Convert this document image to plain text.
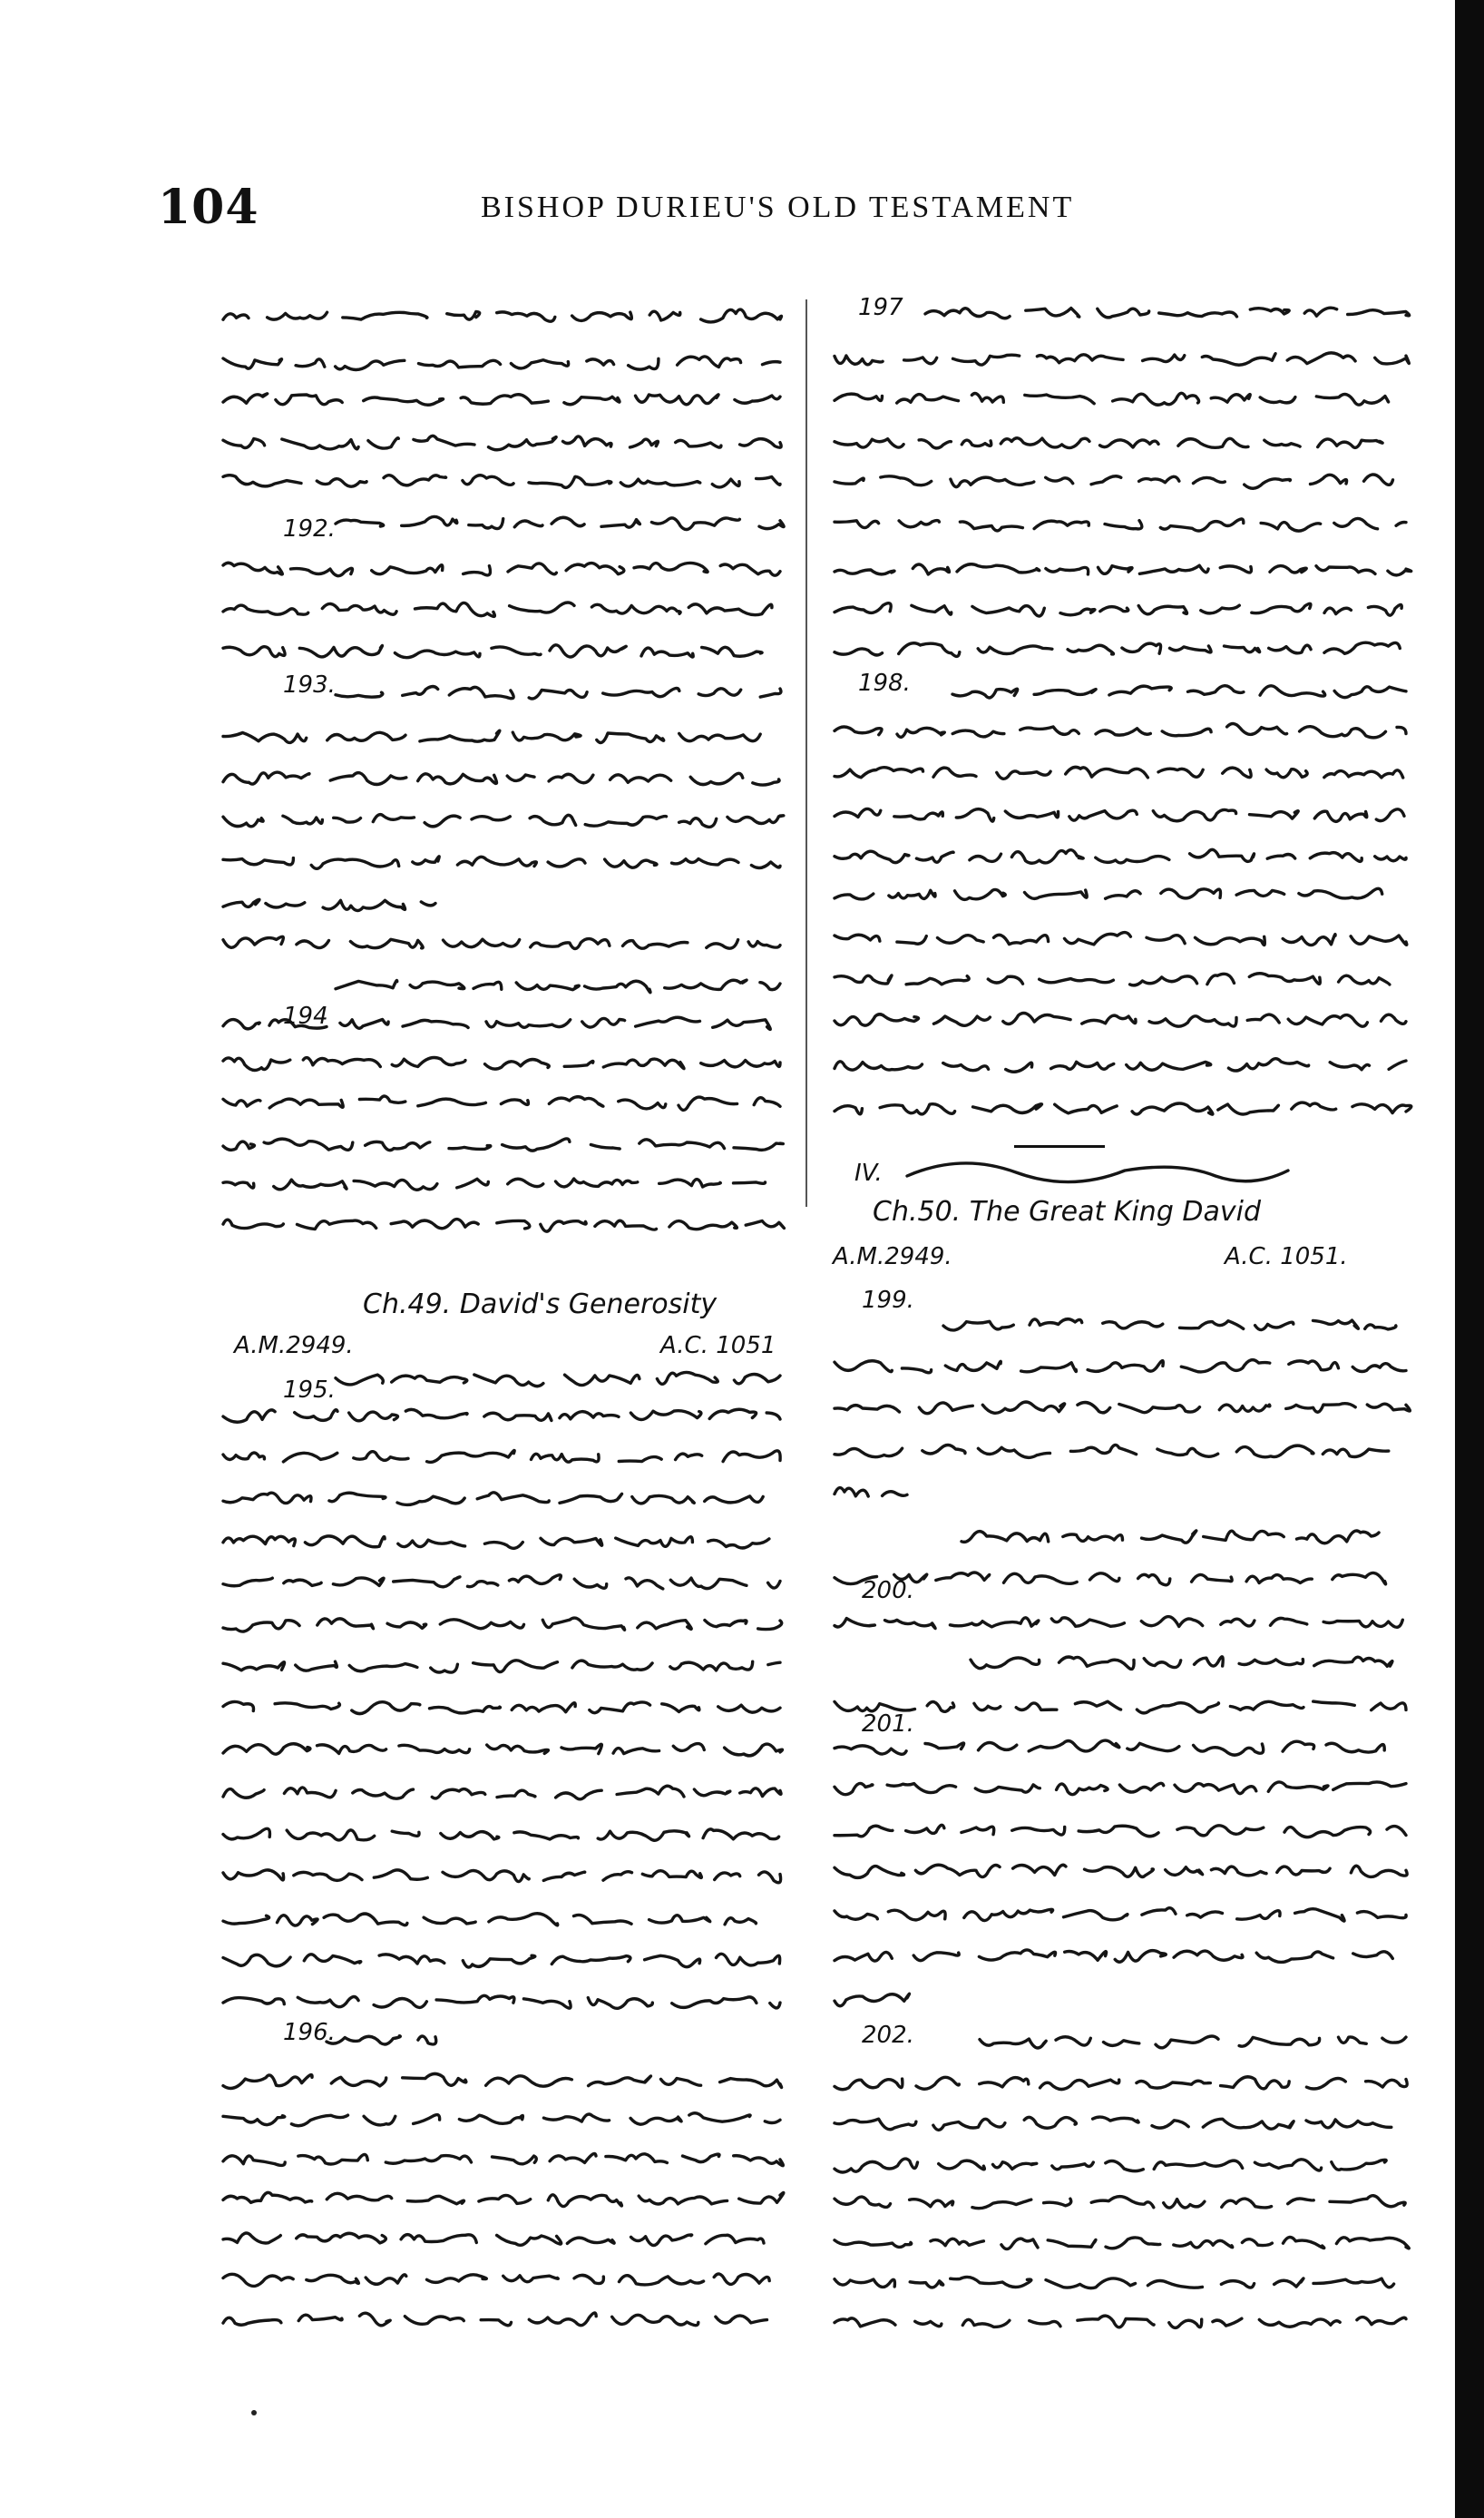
104	BISHOP DURIEU'S OLD TESTAMENT
192.
193.
194
Ch.49. David's Generosity
A.M.2949.	A.C. 1051
195.
196.
197
198.
IV.
Ch.50. The Great King David
A.M.2949.	A.C. 1051.
199.
200.
201.
202.
